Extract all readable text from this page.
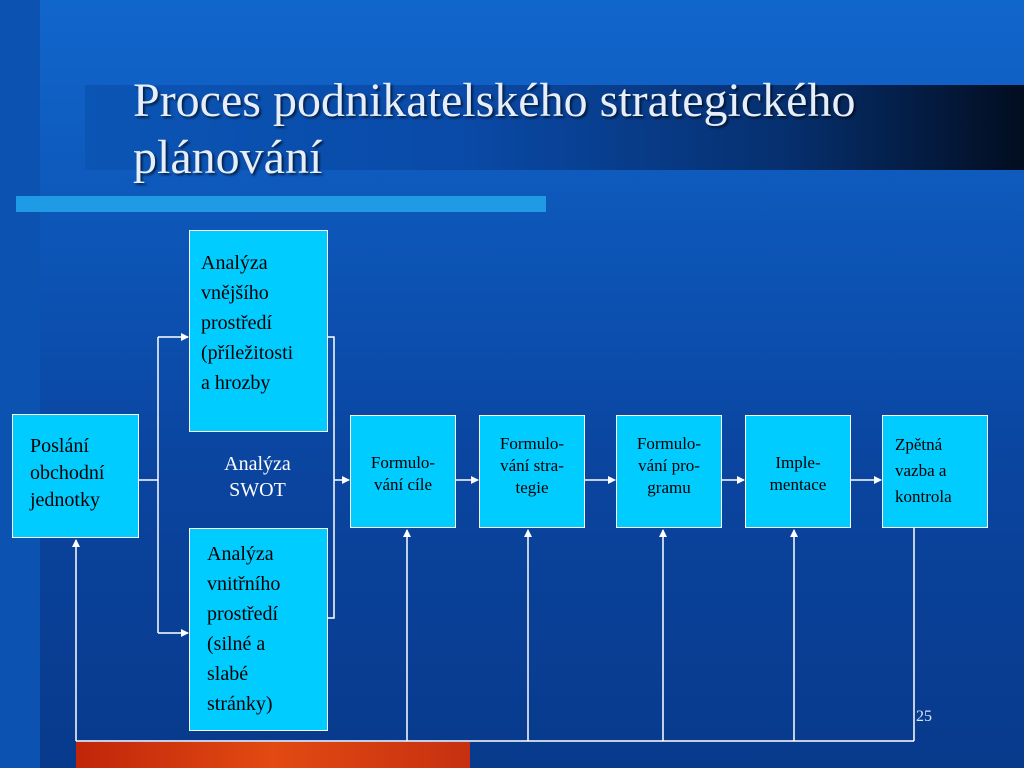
Proces podnikatelského strategického plánování
Poslání
obchodní
jednotky
Analýza
vnějšího
prostředí
(příležitosti
a hrozby
Analýza
vnitřního
prostředí
(silné a
slabé
stránky)
Analýza
SWOT
Formulo-
vání cíle
Formulo-
vání stra-
tegie
Formulo-
vání pro-
gramu
Imple-
mentace
Zpětná
vazba a
kontrola
25
